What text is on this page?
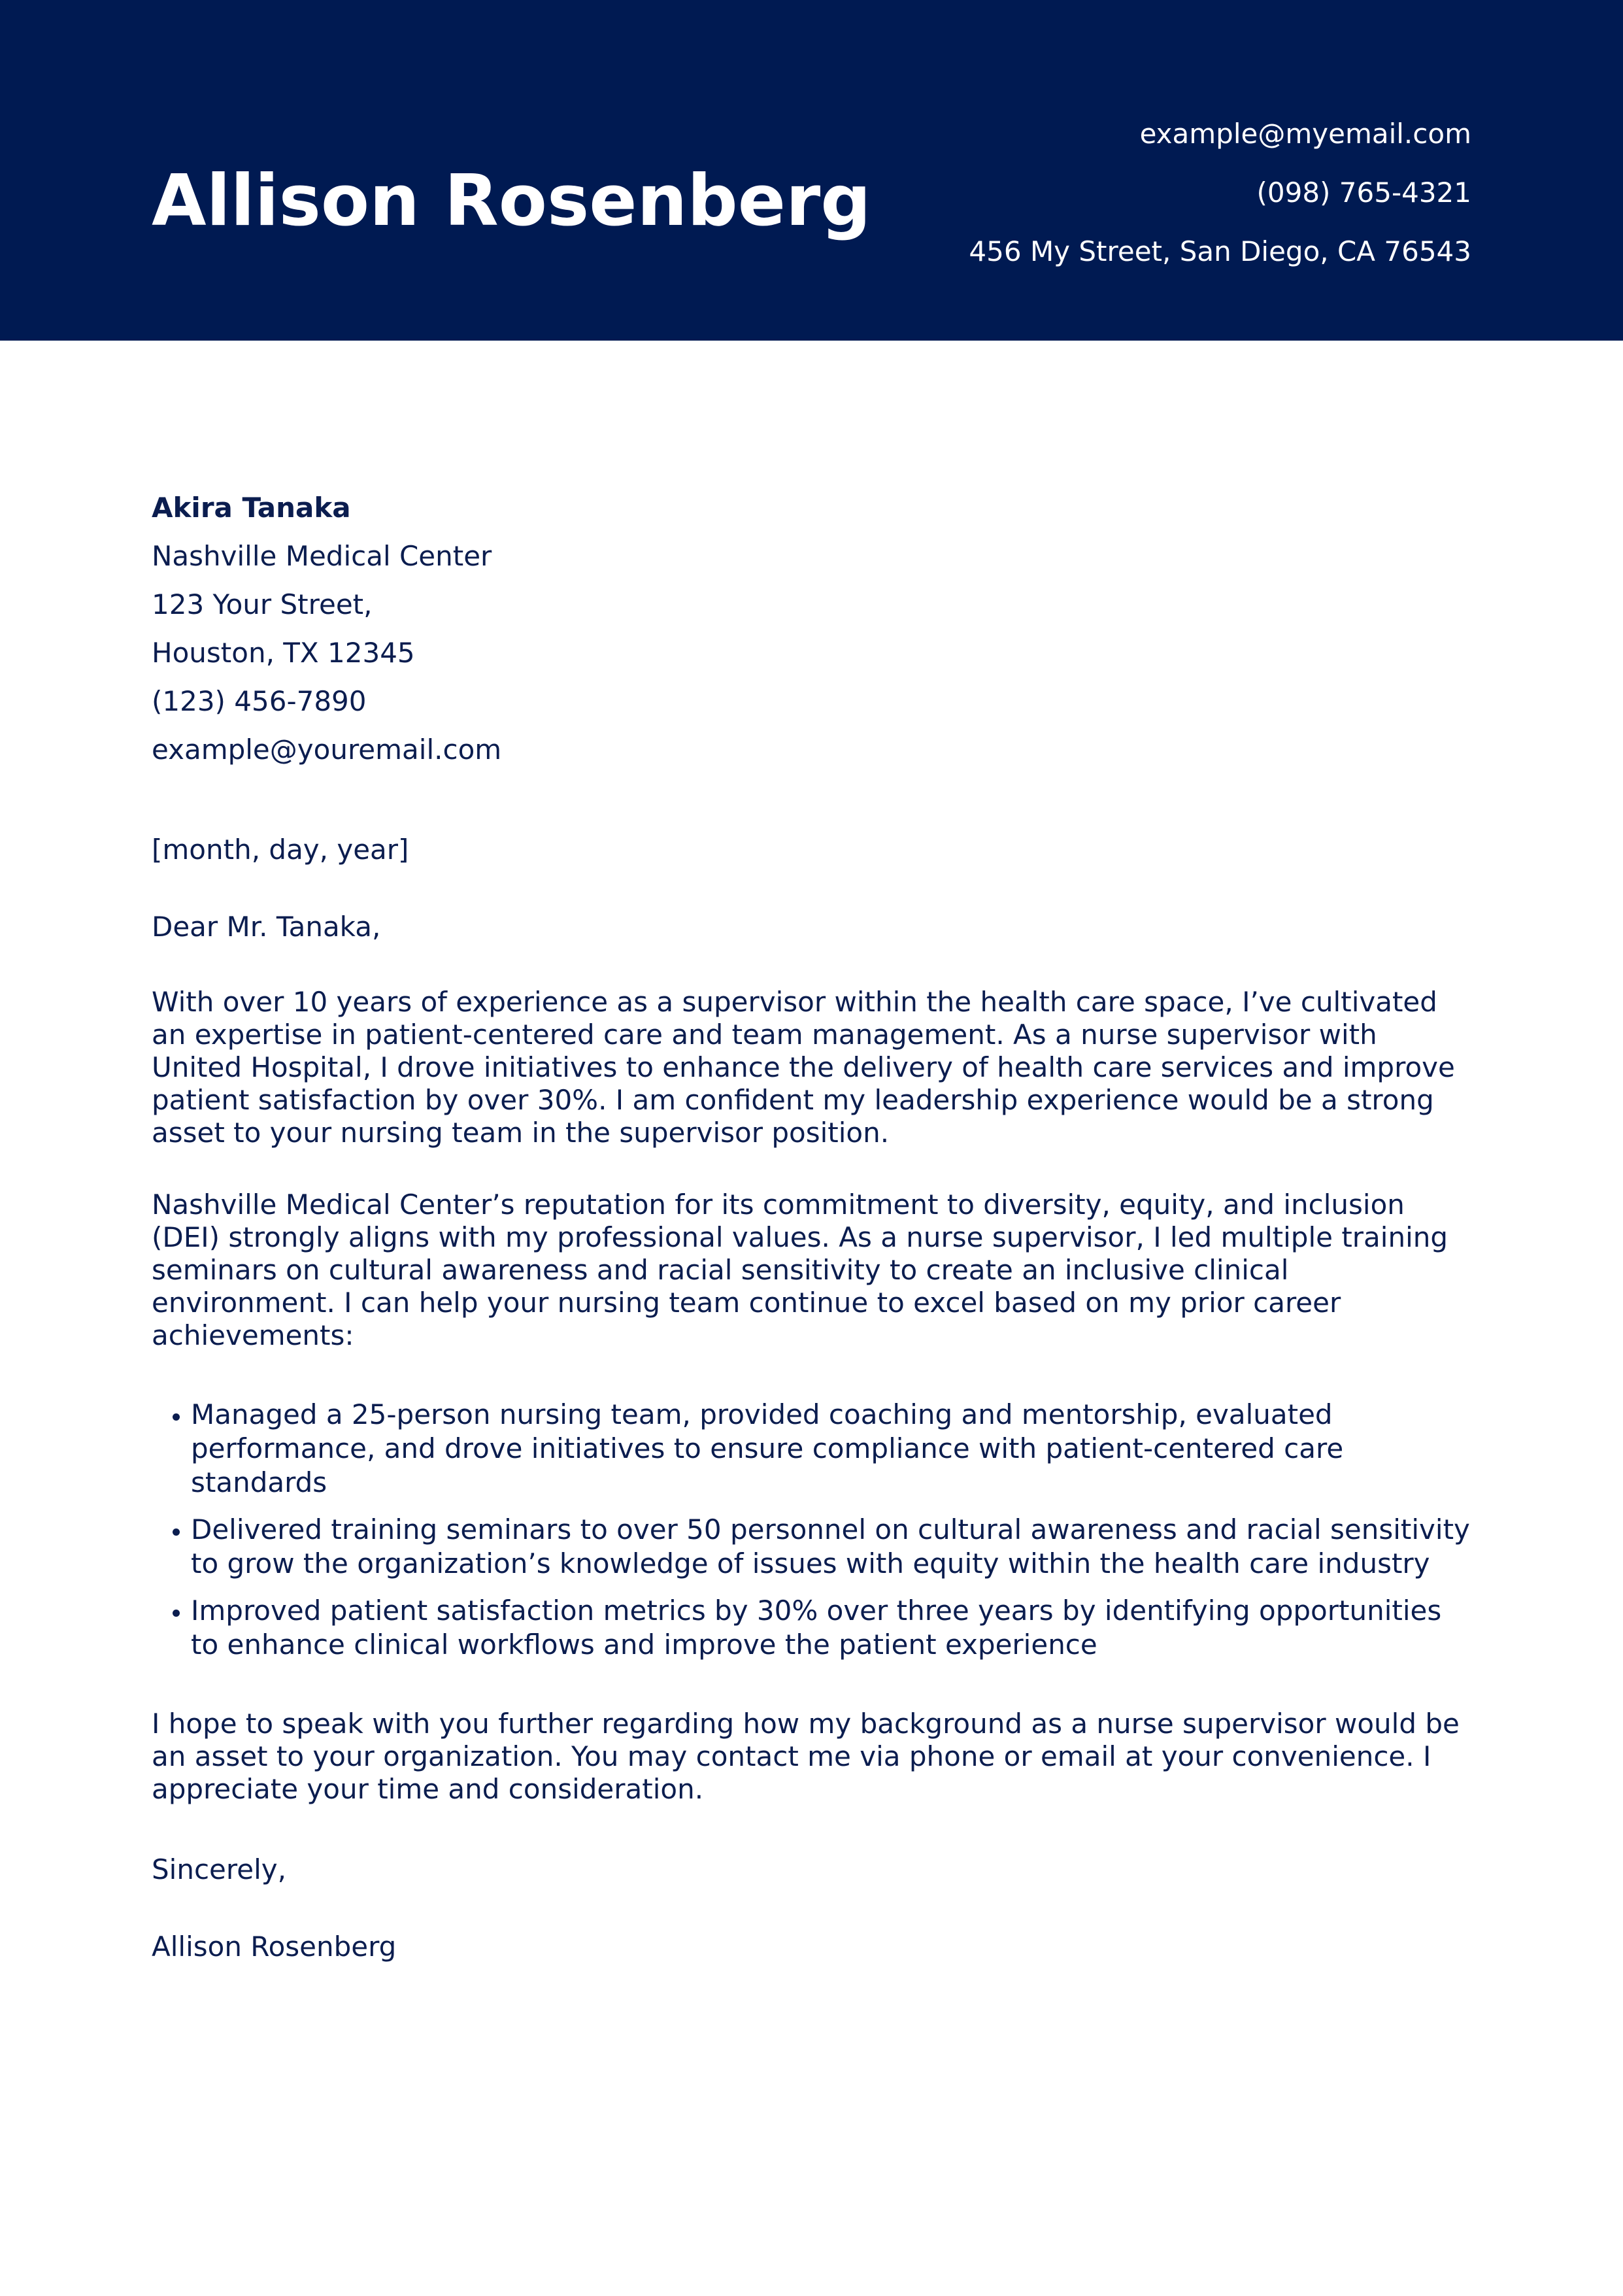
Allison Rosenberg
example@myemail.com
(098) 765-4321
456 My Street, San Diego, CA 76543
Akira Tanaka
Nashville Medical Center
123 Your Street,
Houston, TX 12345
(123) 456-7890
example@youremail.com
[month, day, year]
Dear Mr. Tanaka,

With over 10 years of experience as a supervisor within the health care space, I’ve cultivated an expertise in patient-centered care and team management. As a nurse supervisor with United Hospital, I drove initiatives to enhance the delivery of health care services and improve patient satisfaction by over 30%. I am confident my leadership experience would be a strong asset to your nursing team in the supervisor position.

Nashville Medical Center’s reputation for its commitment to diversity, equity, and inclusion (DEI) strongly aligns with my professional values. As a nurse supervisor, I led multiple training seminars on cultural awareness and racial sensitivity to create an inclusive clinical environment. I can help your nursing team continue to excel based on my prior career achievements:

• Managed a 25-person nursing team, provided coaching and mentorship, evaluated performance, and drove initiatives to ensure compliance with patient-centered care standards
• Delivered training seminars to over 50 personnel on cultural awareness and racial sensitivity to grow the organization’s knowledge of issues with equity within the health care industry
• Improved patient satisfaction metrics by 30% over three years by identifying opportunities to enhance clinical workflows and improve the patient experience

I hope to speak with you further regarding how my background as a nurse supervisor would be an asset to your organization. You may contact me via phone or email at your convenience. I appreciate your time and consideration.

Sincerely,
Allison Rosenberg
